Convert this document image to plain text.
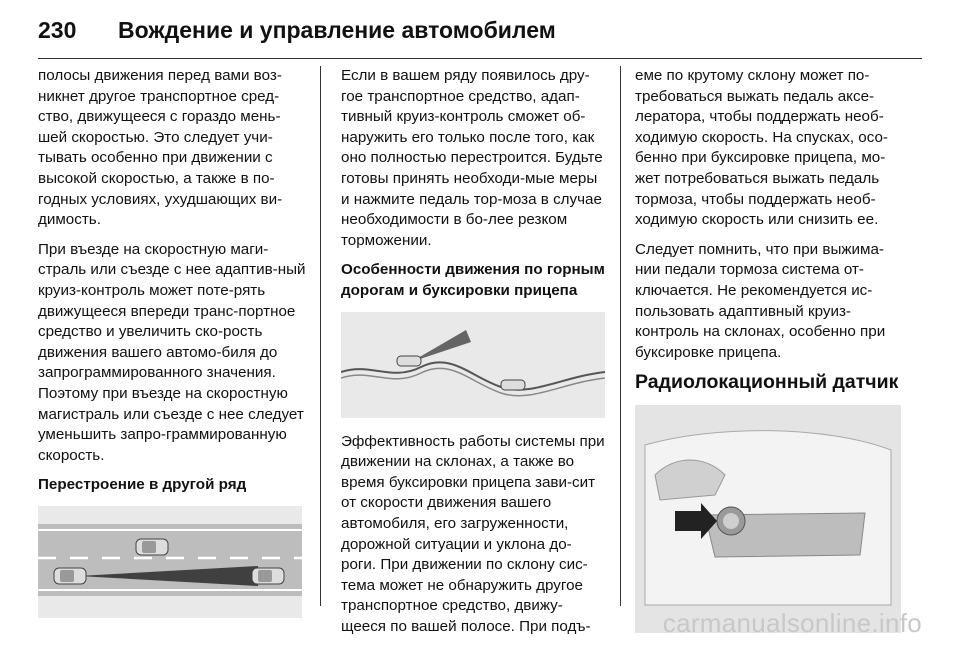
230	Вождение и управление автомобилем

полосы движения перед вами воз-никнет другое транспортное сред-ство, движущееся с гораздо мень-шей скоростью. Это следует учи-тывать особенно при движении с высокой скоростью, а также в по-годных условиях, ухудшающих ви-димость.

При въезде на скоростную маги-страль или съезде с нее адаптив-ный круиз-контроль может поте-рять движущееся впереди транс-портное средство и увеличить ско-рость движения вашего автомо-биля до запрограммированного значения. Поэтому при въезде на скоростную магистраль или съезде с нее следует уменьшить запро-граммированную скорость.

Перестроение в другой ряд

Если в вашем ряду появилось дру-гое транспортное средство, адап-тивный круиз-контроль сможет об-наружить его только после того, как оно полностью перестроится. Будьте готовы принять необходи-мые меры и нажмите педаль тор-моза в случае необходимости в бо-лее резком торможении.

Особенности движения по горным дорогам и буксировки прицепа

Эффективность работы системы при движении на склонах, а также во время буксировки прицепа зави-сит от скорости движения вашего автомобиля, его загруженности, дорожной ситуации и уклона до-роги. При движении по склону сис-тема может не обнаружить другое транспортное средство, движу-щееся по вашей полосе. При подъ-

еме по крутому склону может по-требоваться выжать педаль аксе-лератора, чтобы поддержать необ-ходимую скорость. На спусках, осо-бенно при буксировке прицепа, мо-жет потребоваться выжать педаль тормоза, чтобы поддержать необ-ходимую скорость или снизить ее.

Следует помнить, что при выжима-нии педали тормоза система от-ключается. Не рекомендуется ис-пользовать адаптивный круиз-контроль на склонах, особенно при буксировке прицепа.

Радиолокационный датчик
carmanualsonline.info
